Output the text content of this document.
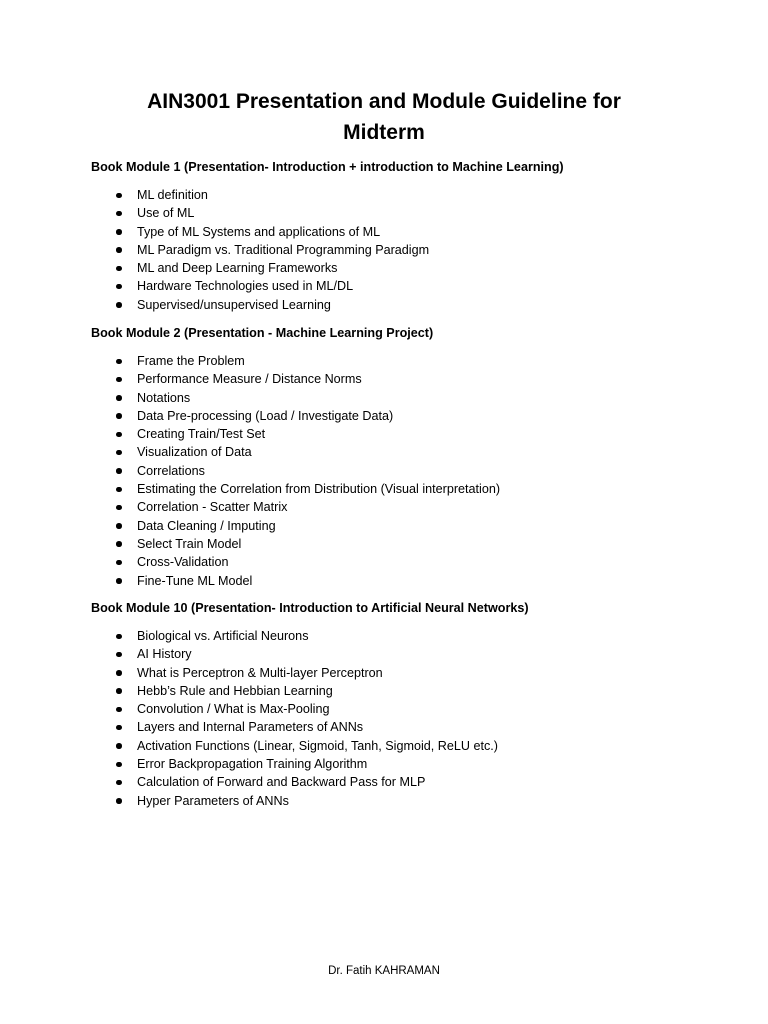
AIN3001 Presentation and Module Guideline for
Midterm

Book Module 1 (Presentation- Introduction + introduction to Machine Learning)

ML definition
Use of ML
Type of ML Systems and applications of ML
ML Paradigm vs. Traditional Programming Paradigm
ML and Deep Learning Frameworks
Hardware Technologies used in ML/DL
Supervised/unsupervised Learning

Book Module 2 (Presentation - Machine Learning Project)

Frame the Problem
Performance Measure / Distance Norms
Notations
Data Pre-processing (Load / Investigate Data)
Creating Train/Test Set
Visualization of Data
Correlations
Estimating the Correlation from Distribution (Visual interpretation)
Correlation - Scatter Matrix
Data Cleaning / Imputing
Select Train Model
Cross-Validation
Fine-Tune ML Model

Book Module 10 (Presentation- Introduction to Artificial Neural Networks)

Biological vs. Artificial Neurons
AI History
What is Perceptron & Multi-layer Perceptron
Hebb’s Rule and Hebbian Learning
Convolution / What is Max-Pooling
Layers and Internal Parameters of ANNs
Activation Functions (Linear, Sigmoid, Tanh, Sigmoid, ReLU etc.)
Error Backpropagation Training Algorithm
Calculation of Forward and Backward Pass for MLP
Hyper Parameters of ANNs
Dr. Fatih KAHRAMAN
